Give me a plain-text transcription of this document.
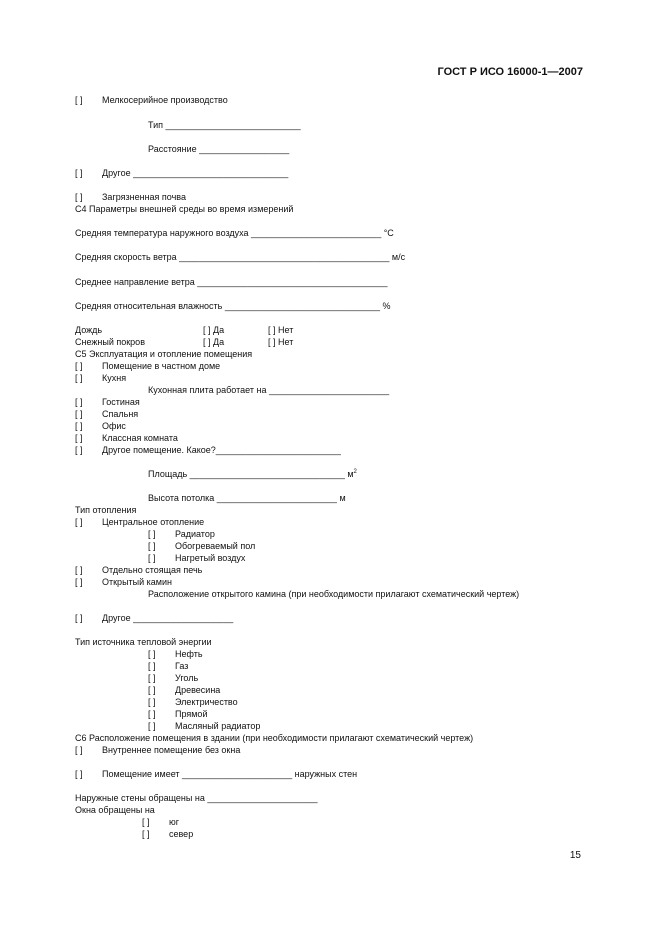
ГОСТ Р ИСО 16000-1—2007
[ ] Мелкосерийное производство
Тип ___________________________
Расстояние __________________
[ ] Другое _______________________________
[ ] Загрязненная почва
С4 Параметры внешней среды во время измерений
Средняя температура наружного воздуха __________________________ °С
Средняя скорость ветра __________________________________________ м/с
Среднее направление ветра ______________________________________
Средняя относительная влажность _______________________________ %
Дождь	[ ] Да	[ ] Нет
Снежный покров	[ ] Да	[ ] Нет
С5 Эксплуатация и отопление помещения
[ ] Помещение в частном доме
[ ] Кухня
Кухонная плита работает на ________________________
[ ] Гостиная
[ ] Спальня
[ ] Офис
[ ] Классная комната
[ ] Другое помещение. Какое?_________________________
Площадь _______________________________ $м^2$
Высота потолка ________________________ м
Тип отопления
[ ] Центральное отопление
[ ] Радиатор
[ ] Обогреваемый пол
[ ] Нагретый воздух
[ ] Отдельно стоящая печь
[ ] Открытый камин
Расположение открытого камина (при необходимости прилагают схематический чертеж)
[ ] Другое ____________________
Тип источника тепловой энергии
[ ] Нефть
[ ] Газ
[ ] Уголь
[ ] Древесина
[ ] Электричество
[ ] Прямой
[ ] Масляный радиатор
С6 Расположение помещения в здании (при необходимости прилагают схематический чертеж)
[ ] Внутреннее помещение без окна
[ ] Помещение имеет ______________________ наружных стен
Наружные стены обращены на ______________________
Окна обращены на
[ ] юг
[ ] север
15
